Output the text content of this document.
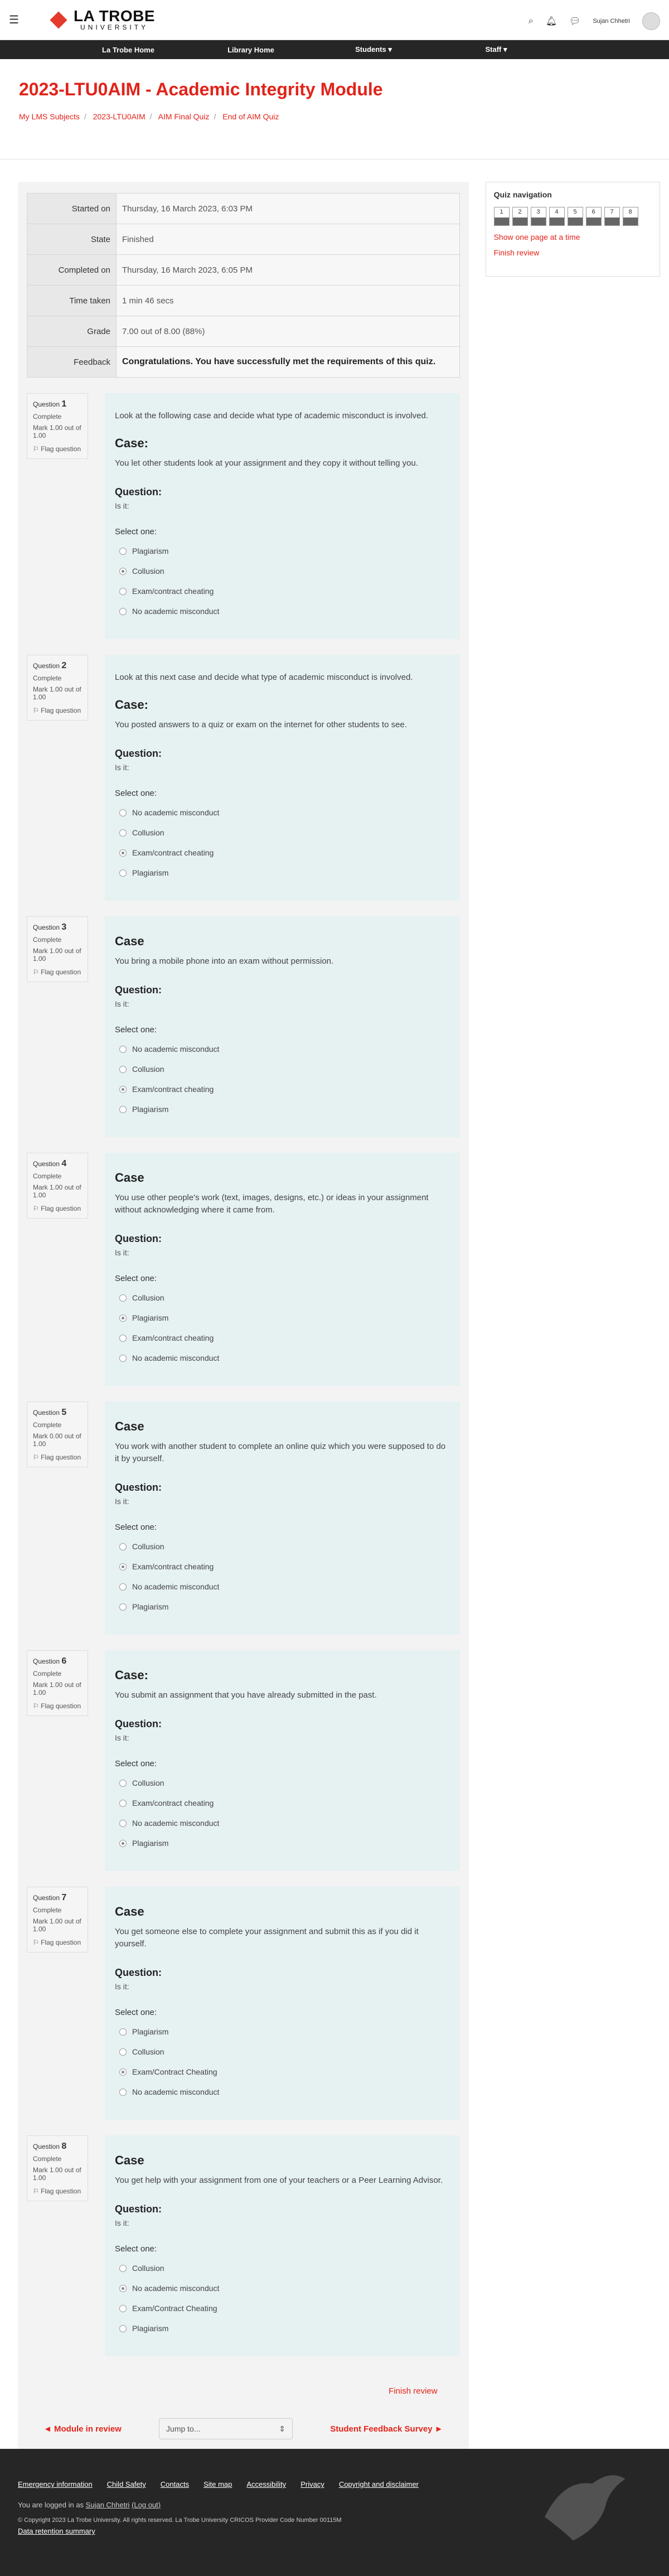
☰	LA TROBE
UNIVERSITY
⌕ 🔔︎ 💬︎ Sujan Chhetri
La Trobe Home	Library Home	Students ▾	Staff ▾
2023-LTU0AIM - Academic Integrity Module
My LMS Subjects / 2023-LTU0AIM / AIM Final Quiz / End of AIM Quiz
Started on	Thursday, 16 March 2023, 6:03 PM
State	Finished
Completed on	Thursday, 16 March 2023, 6:05 PM
Time taken	1 min 46 secs
Grade	7.00 out of 8.00 (88%)
Feedback	Congratulations. You have successfully met the requirements of this quiz.
Question 1
Complete
Mark 1.00 out of 1.00
⚐ Flag question
Look at the following case and decide what type of academic misconduct is involved.
Case:

You let other students look at your assignment and they copy it without telling you.

Question:
Is it:
Select one:
Plagiarism
Collusion
Exam/contract cheating
No academic misconduct
Question 2
Complete
Mark 1.00 out of 1.00
⚐ Flag question
Look at this next case and decide what type of academic misconduct is involved.
Case:

You posted answers to a quiz or exam on the internet for other students to see.

Question:
Is it:
Select one:
No academic misconduct
Collusion
Exam/contract cheating
Plagiarism
Question 3
Complete
Mark 1.00 out of 1.00
⚐ Flag question
Case

You bring a mobile phone into an exam without permission.

Question:
Is it:
Select one:
No academic misconduct
Collusion
Exam/contract cheating
Plagiarism
Question 4
Complete
Mark 1.00 out of 1.00
⚐ Flag question
Case

You use other people's work (text, images, designs, etc.) or ideas in your assignment without acknowledging where it came from.

Question:
Is it:
Select one:
Collusion
Plagiarism
Exam/contract cheating
No academic misconduct
Question 5
Complete
Mark 0.00 out of 1.00
⚐ Flag question
Case

You work with another student to complete an online quiz which you were supposed to do it by yourself.

Question:
Is it:
Select one:
Collusion
Exam/contract cheating
No academic misconduct
Plagiarism
Question 6
Complete
Mark 1.00 out of 1.00
⚐ Flag question
Case:

You submit an assignment that you have already submitted in the past.

Question:
Is it:
Select one:
Collusion
Exam/contract cheating
No academic misconduct
Plagiarism
Question 7
Complete
Mark 1.00 out of 1.00
⚐ Flag question
Case

You get someone else to complete your assignment and submit this as if you did it yourself.

Question:
Is it:
Select one:
Plagiarism
Collusion
Exam/Contract Cheating
No academic misconduct
Question 8
Complete
Mark 1.00 out of 1.00
⚐ Flag question
Case

You get help with your assignment from one of your teachers or a Peer Learning Advisor.

Question:
Is it:
Select one:
Collusion
No academic misconduct
Exam/Contract Cheating
Plagiarism
Finish review
◄ Module in review	Jump to...	⇕	Student Feedback Survey ►
Quiz navigation
1	2	3	4	5	6	7	8
Show one page at a time
Finish review
Emergency information Child Safety Contacts Site map Accessibility Privacy Copyright and disclaimer
You are logged in as Sujan Chhetri (Log out)
© Copyright 2023 La Trobe University. All rights reserved. La Trobe University CRICOS Provider Code Number 00115M
Data retention summary
